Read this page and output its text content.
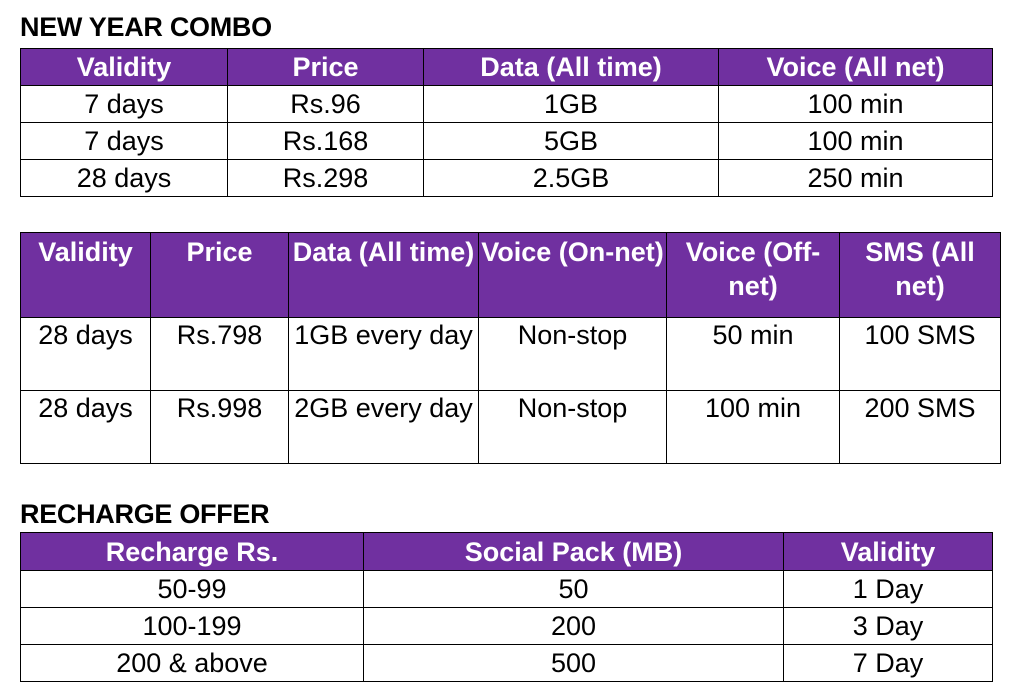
NEW YEAR COMBO
Validity	Price	Data (All time)	Voice (All net)
7 days	Rs.96	1GB	100 min
7 days	Rs.168	5GB	100 min
28 days	Rs.298	2.5GB	250 min
Validity	Price	Data (All time)	Voice (On-net)	Voice (Off-net)	SMS (All net)
28 days	Rs.798	1GB every day	Non-stop	50 min	100 SMS
28 days	Rs.998	2GB every day	Non-stop	100 min	200 SMS
RECHARGE OFFER
Recharge Rs.	Social Pack (MB)	Validity
50-99	50	1 Day
100-199	200	3 Day
200 & above	500	7 Day
